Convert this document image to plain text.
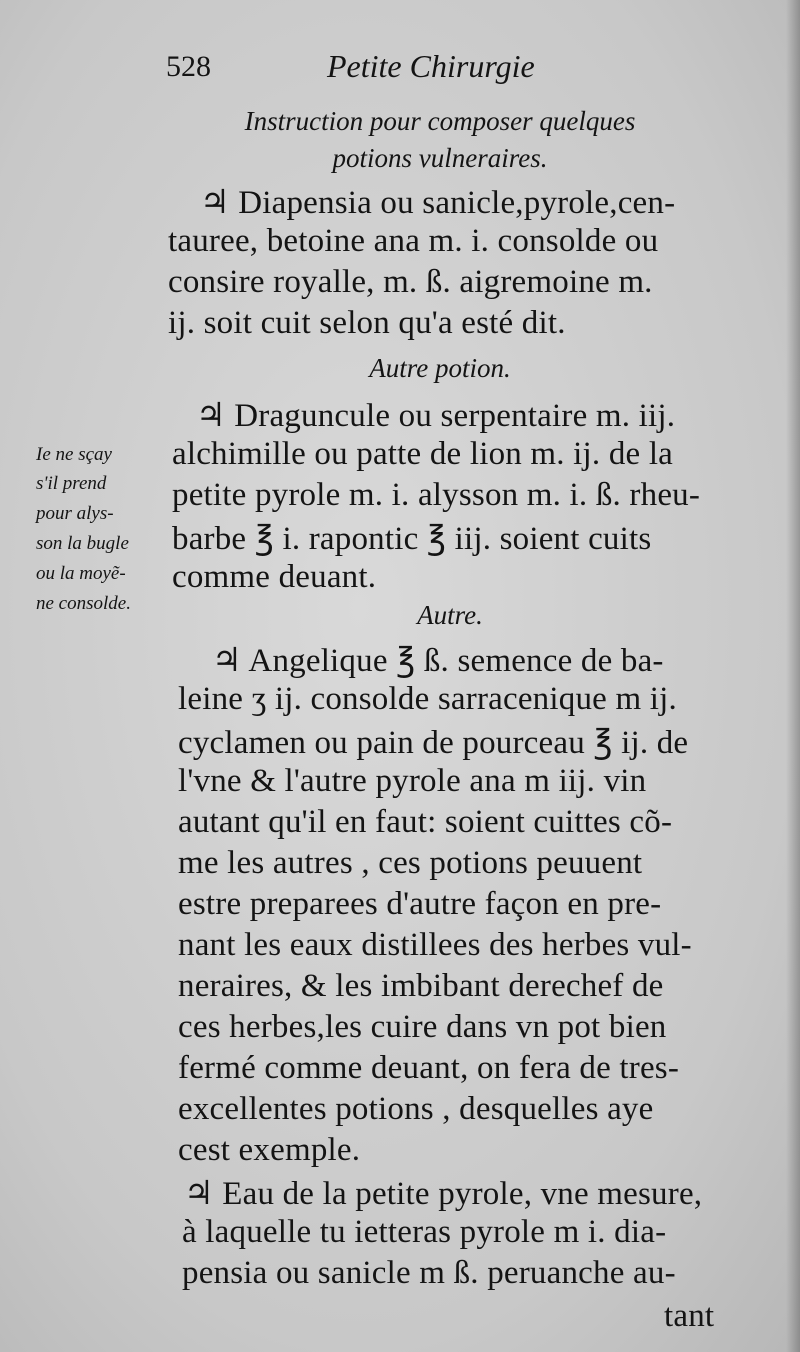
528	Petite Chirurgie
Instruction pour composer quelques
potions vulneraires.
♃ Diapensia ou sanicle,pyrole,cen-
tauree, betoine ana m. i. consolde ou
consire royalle, m. ß. aigremoine m.
ij. soit cuit selon qu'a esté dit.
Autre potion.
♃ Draguncule ou serpentaire m. iij.
alchimille ou patte de lion m. ij. de la
petite pyrole m. i. alysson m. i. ß. rheu-
barbe ℥ i. rapontic ℥ iij. soient cuits
comme deuant.
Autre.
Ie ne sçay
s'il prend
pour alys-
son la bugle
ou la moyẽ-
ne consolde.
♃ Angelique ℥ ß. semence de ba-
leine ʒ ij. consolde sarracenique m ij.
cyclamen ou pain de pourceau ℥ ij. de
l'vne & l'autre pyrole ana m iij. vin
autant qu'il en faut: soient cuittes cõ-
me les autres , ces potions peuuent
estre preparees d'autre façon en pre-
nant les eaux distillees des herbes vul-
neraires, & les imbibant derechef de
ces herbes,les cuire dans vn pot bien
fermé comme deuant, on fera de tres-
excellentes potions , desquelles aye
cest exemple.
♃ Eau de la petite pyrole, vne mesure,
à laquelle tu ietteras pyrole m i. dia-
pensia ou sanicle m ß. peruanche au-
tant
